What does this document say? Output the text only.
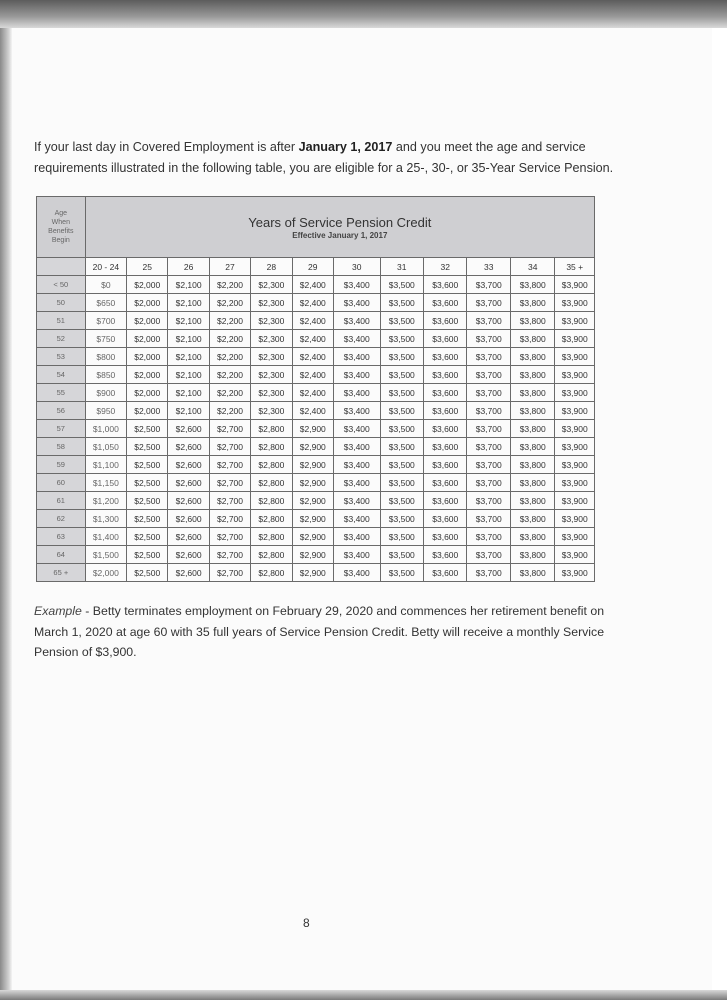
If your last day in Covered Employment is after January 1, 2017 and you meet the age and service requirements illustrated in the following table, you are eligible for a 25-, 30-, or 35-Year Service Pension.

Age
When
Benefits
Begin	Years of Service Pension Credit
Effective January 1, 2017											

	20 - 24	25	26	27	28	29	30	31	32	33	34	35 +
< 50	$0	$2,000	$2,100	$2,200	$2,300	$2,400	$3,400	$3,500	$3,600	$3,700	$3,800	$3,900
50	$650	$2,000	$2,100	$2,200	$2,300	$2,400	$3,400	$3,500	$3,600	$3,700	$3,800	$3,900
51	$700	$2,000	$2,100	$2,200	$2,300	$2,400	$3,400	$3,500	$3,600	$3,700	$3,800	$3,900
52	$750	$2,000	$2,100	$2,200	$2,300	$2,400	$3,400	$3,500	$3,600	$3,700	$3,800	$3,900
53	$800	$2,000	$2,100	$2,200	$2,300	$2,400	$3,400	$3,500	$3,600	$3,700	$3,800	$3,900
54	$850	$2,000	$2,100	$2,200	$2,300	$2,400	$3,400	$3,500	$3,600	$3,700	$3,800	$3,900
55	$900	$2,000	$2,100	$2,200	$2,300	$2,400	$3,400	$3,500	$3,600	$3,700	$3,800	$3,900
56	$950	$2,000	$2,100	$2,200	$2,300	$2,400	$3,400	$3,500	$3,600	$3,700	$3,800	$3,900
57	$1,000	$2,500	$2,600	$2,700	$2,800	$2,900	$3,400	$3,500	$3,600	$3,700	$3,800	$3,900
58	$1,050	$2,500	$2,600	$2,700	$2,800	$2,900	$3,400	$3,500	$3,600	$3,700	$3,800	$3,900
59	$1,100	$2,500	$2,600	$2,700	$2,800	$2,900	$3,400	$3,500	$3,600	$3,700	$3,800	$3,900
60	$1,150	$2,500	$2,600	$2,700	$2,800	$2,900	$3,400	$3,500	$3,600	$3,700	$3,800	$3,900
61	$1,200	$2,500	$2,600	$2,700	$2,800	$2,900	$3,400	$3,500	$3,600	$3,700	$3,800	$3,900
62	$1,300	$2,500	$2,600	$2,700	$2,800	$2,900	$3,400	$3,500	$3,600	$3,700	$3,800	$3,900
63	$1,400	$2,500	$2,600	$2,700	$2,800	$2,900	$3,400	$3,500	$3,600	$3,700	$3,800	$3,900
64	$1,500	$2,500	$2,600	$2,700	$2,800	$2,900	$3,400	$3,500	$3,600	$3,700	$3,800	$3,900
65 +	$2,000	$2,500	$2,600	$2,700	$2,800	$2,900	$3,400	$3,500	$3,600	$3,700	$3,800	$3,900

Example - Betty terminates employment on February 29, 2020 and commences her retirement benefit on March 1, 2020 at age 60 with 35 full years of Service Pension Credit. Betty will receive a monthly Service Pension of $3,900.

8
